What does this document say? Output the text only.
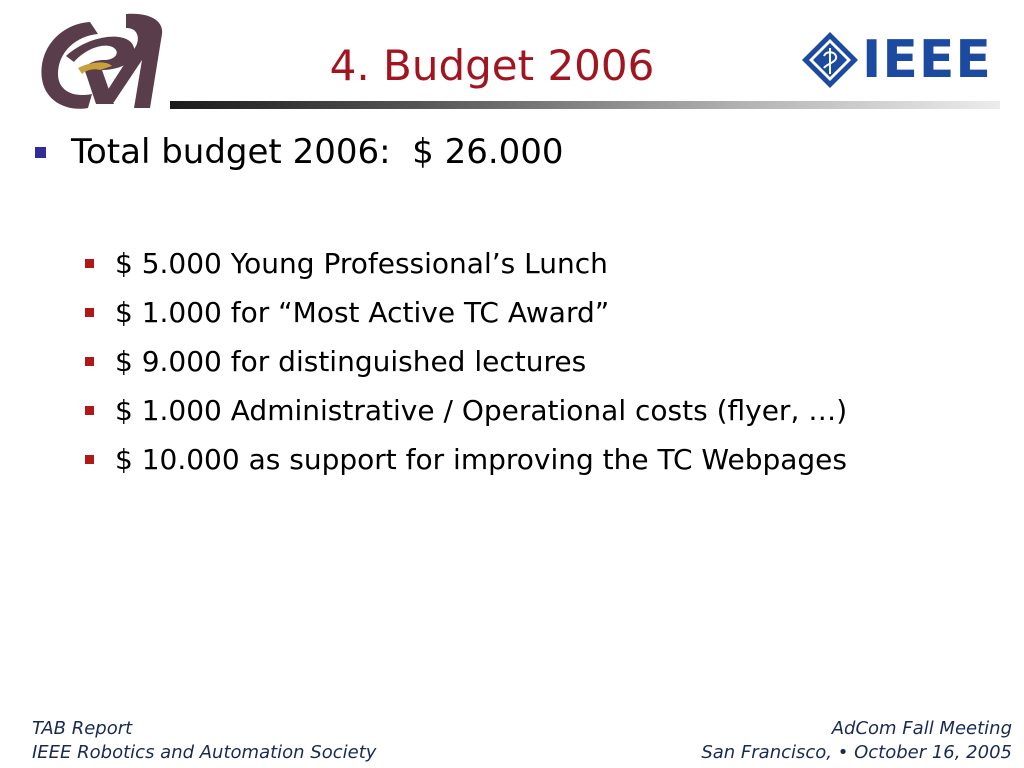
IEEE
4. Budget 2006
Total budget 2006:  $ 26.000
$ 5.000 Young Professional’s Lunch
$ 1.000 for “Most Active TC Award”
$ 9.000 for distinguished lectures
$ 1.000 Administrative / Operational costs (flyer, …)
$ 10.000 as support for improving the TC Webpages
TAB Report
IEEE Robotics and Automation Society
AdCom Fall Meeting
San Francisco, • October 16, 2005
